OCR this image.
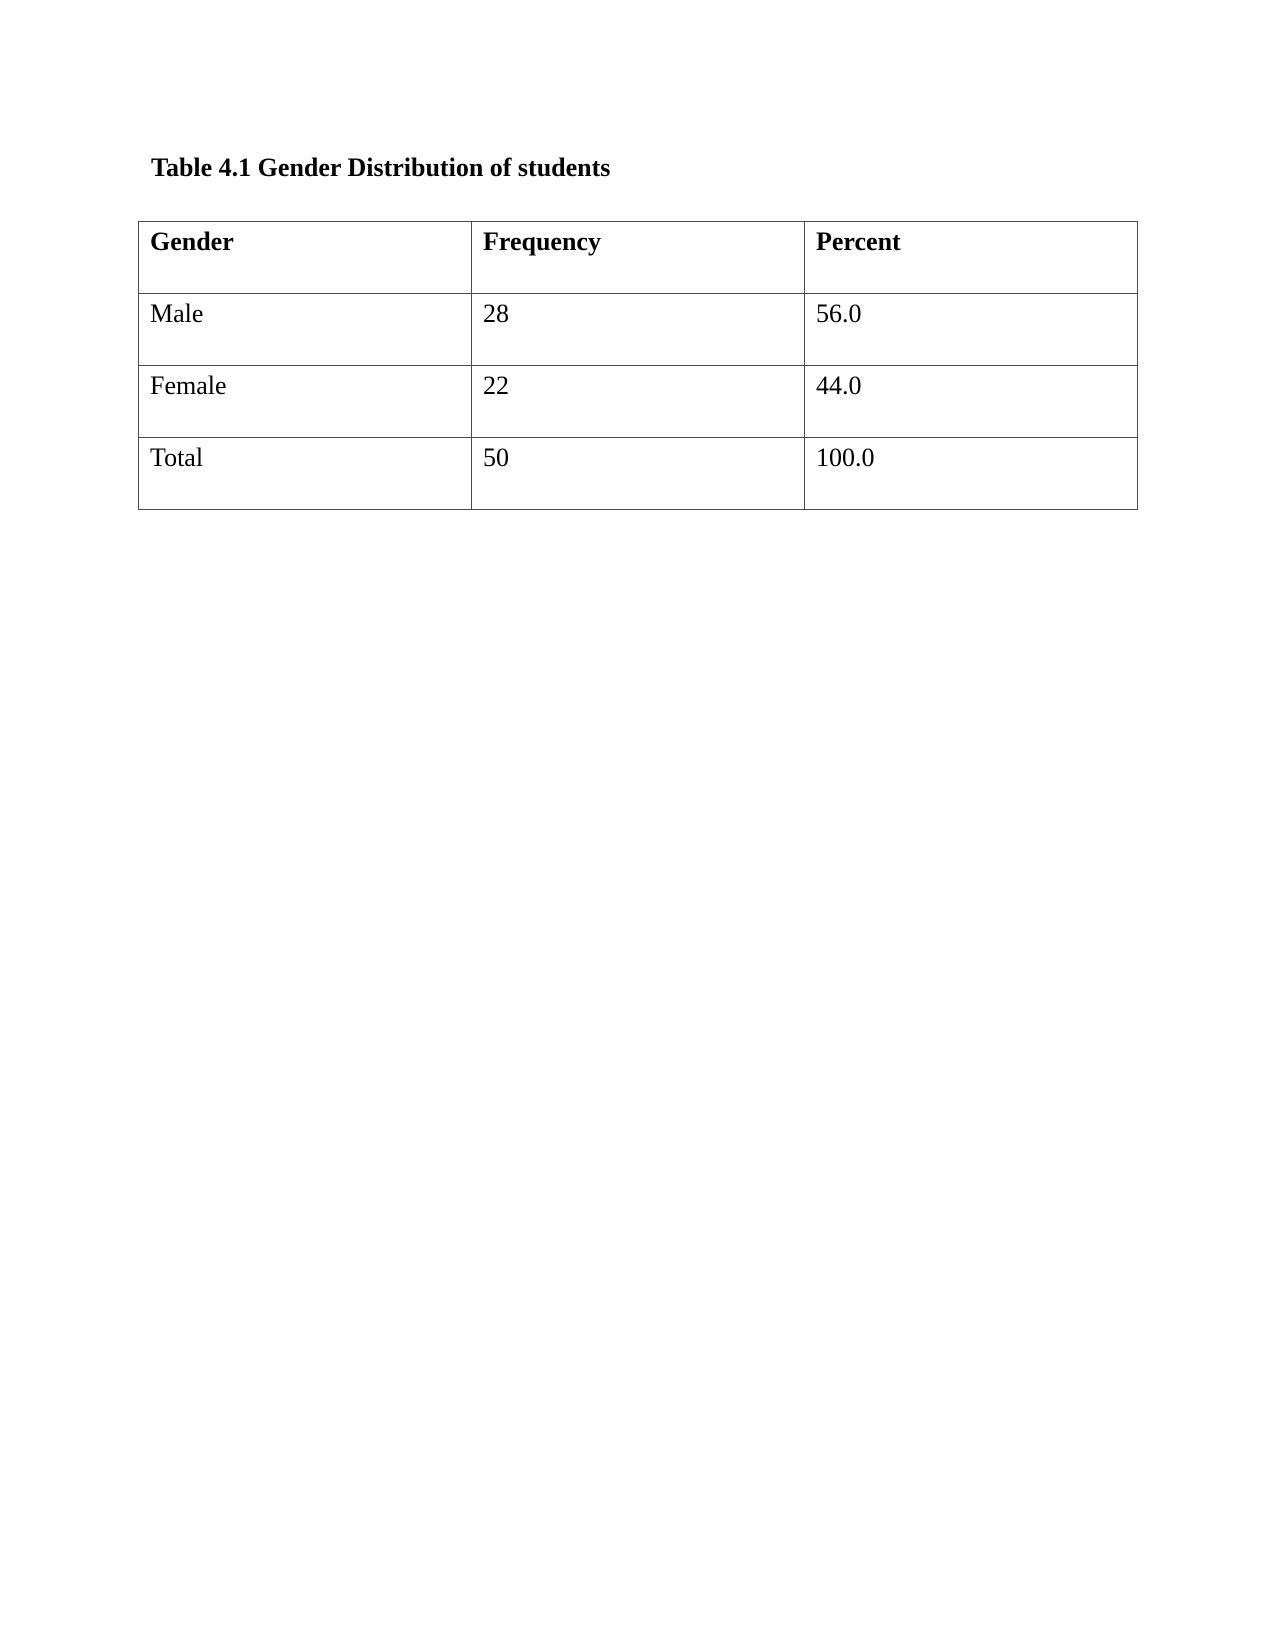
Table 4.1 Gender Distribution of students

Gender	Frequency	Percent
Male	28	56.0
Female	22	44.0
Total	50	100.0
